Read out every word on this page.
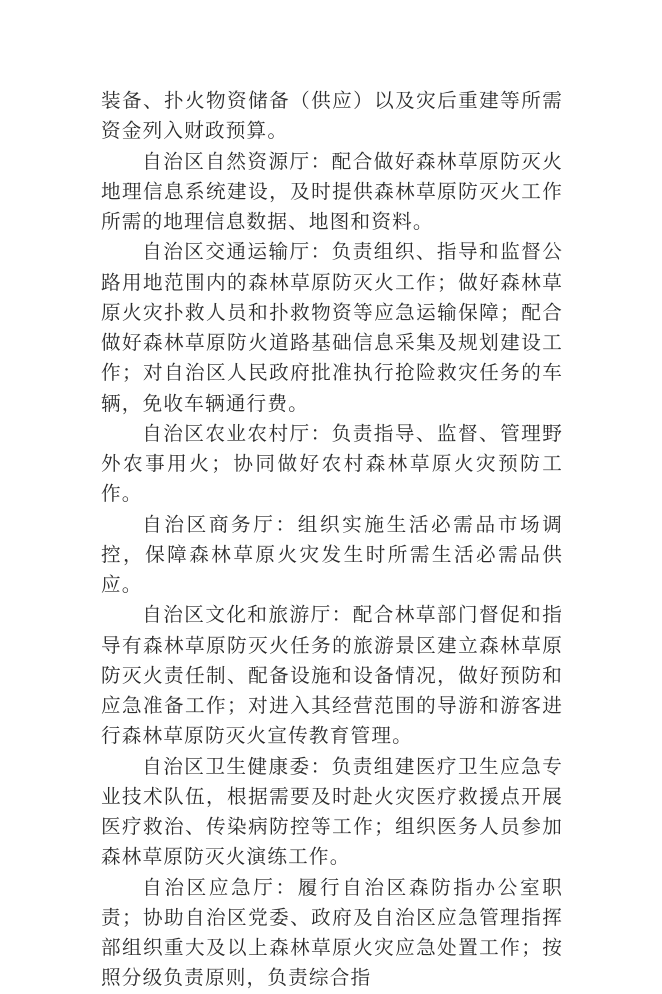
装备、扑火物资储备（供应）以及灾后重建等所需资金列入财政预算。

自治区自然资源厅：配合做好森林草原防灭火地理信息系统建设，及时提供森林草原防灭火工作所需的地理信息数据、地图和资料。

自治区交通运输厅：负责组织、指导和监督公路用地范围内的森林草原防灭火工作；做好森林草原火灾扑救人员和扑救物资等应急运输保障；配合做好森林草原防火道路基础信息采集及规划建设工作；对自治区人民政府批准执行抢险救灾任务的车辆，免收车辆通行费。

自治区农业农村厅：负责指导、监督、管理野外农事用火；协同做好农村森林草原火灾预防工作。

自治区商务厅：组织实施生活必需品市场调控，保障森林草原火灾发生时所需生活必需品供应。

自治区文化和旅游厅：配合林草部门督促和指导有森林草原防灭火任务的旅游景区建立森林草原防灭火责任制、配备设施和设备情况，做好预防和应急准备工作；对进入其经营范围的导游和游客进行森林草原防灭火宣传教育管理。

自治区卫生健康委：负责组建医疗卫生应急专业技术队伍，根据需要及时赴火灾医疗救援点开展医疗救治、传染病防控等工作；组织医务人员参加森林草原防灭火演练工作。

自治区应急厅：履行自治区森防指办公室职责；协助自治区党委、政府及自治区应急管理指挥部组织重大及以上森林草原火灾应急处置工作；按照分级负责原则，负责综合指
